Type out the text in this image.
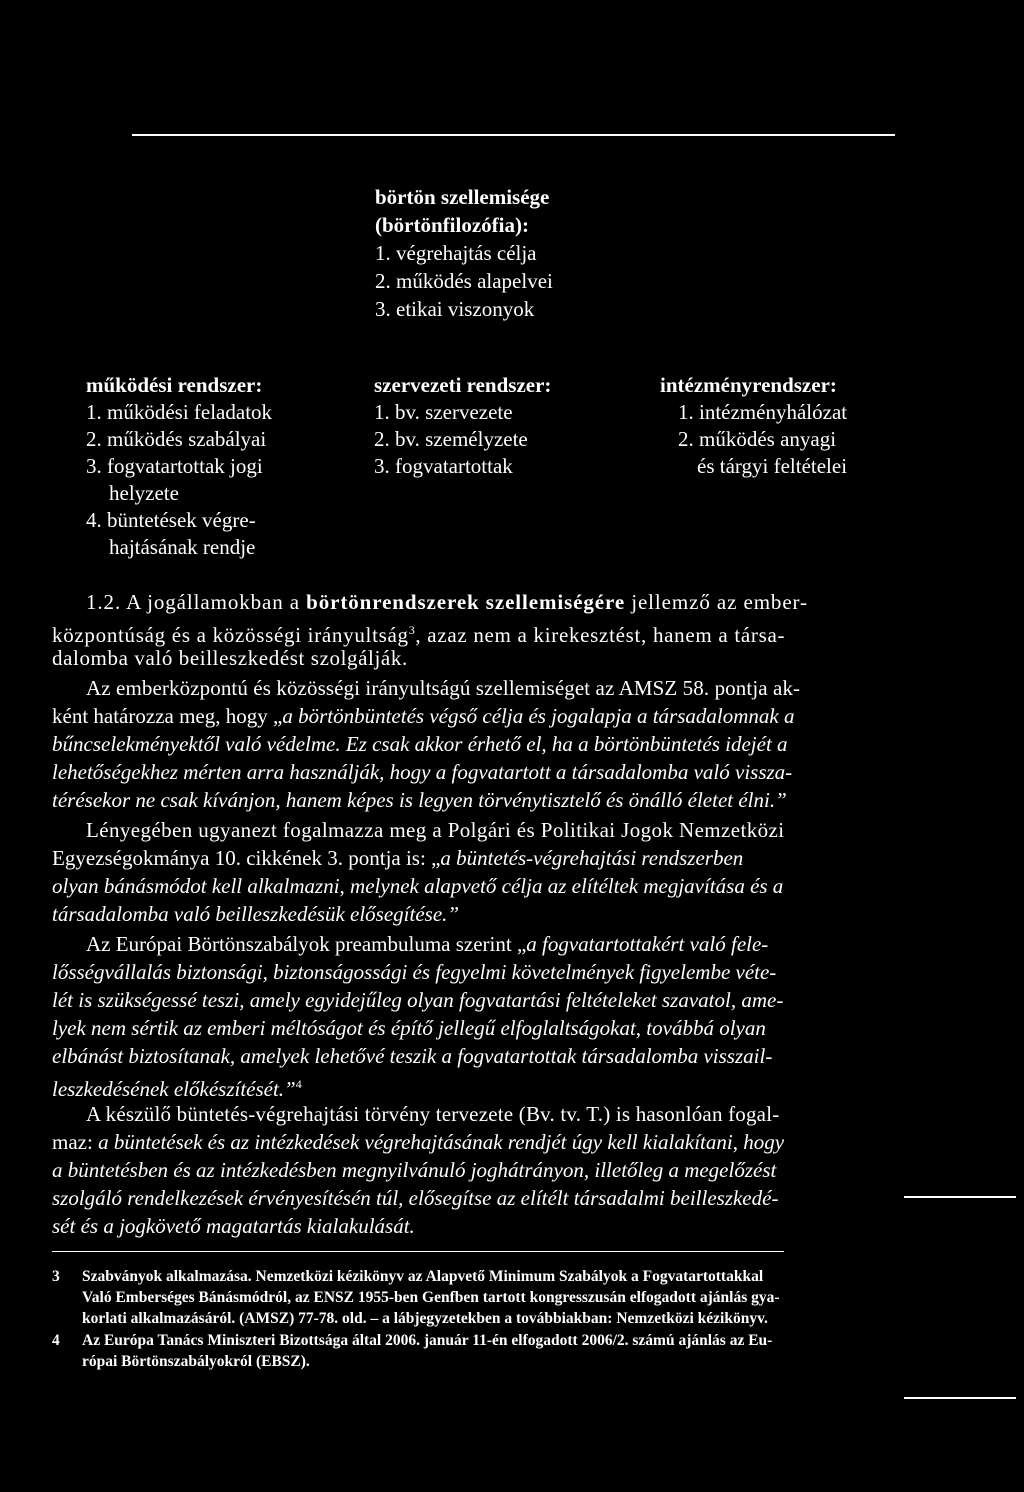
börtön szellemisége
(börtönfilozófia):
1. végrehajtás célja
2. működés alapelvei
3. etikai viszonyok
működési rendszer:
1. működési feladatok
2. működés szabályai
3. fogvatartottak jogi
helyzete
4. büntetések végre-
hajtásának rendje
szervezeti rendszer:
1. bv. szervezete
2. bv. személyzete
3. fogvatartottak
intézményrendszer:
1. intézményhálózat
2. működés anyagi
és tárgyi feltételei
1.2. A jogállamokban a börtönrendszerek szellemiségére jellemző az ember-
központúság és a közösségi irányultság$^3$, azaz nem a kirekesztést, hanem a társa-
dalomba való beilleszkedést szolgálják.
Az emberközpontú és közösségi irányultságú szellemiséget az AMSZ 58. pontja ak-
ként határozza meg, hogy „a börtönbüntetés végső célja és jogalapja a társadalomnak a
bűncselekményektől való védelme. Ez csak akkor érhető el, ha a börtönbüntetés idejét a
lehetőségekhez mérten arra használják, hogy a fogvatartott a társadalomba való vissza-
térésekor ne csak kívánjon, hanem képes is legyen törvénytisztelő és önálló életet élni.”
Lényegében ugyanezt fogalmazza meg a Polgári és Politikai Jogok Nemzetközi
Egyezségokmánya 10. cikkének 3. pontja is: „a büntetés-végrehajtási rendszerben
olyan bánásmódot kell alkalmazni, melynek alapvető célja az elítéltek megjavítása és a
társadalomba való beilleszkedésük elősegítése.”
Az Európai Börtönszabályok preambuluma szerint „a fogvatartottakért való fele-
lősségvállalás biztonsági, biztonságossági és fegyelmi követelmények figyelembe véte-
lét is szükségessé teszi, amely egyidejűleg olyan fogvatartási feltételeket szavatol, ame-
lyek nem sértik az emberi méltóságot és építő jellegű elfoglaltságokat, továbbá olyan
elbánást biztosítanak, amelyek lehetővé teszik a fogvatartottak társadalomba visszail-
leszkedésének előkészítését.”$^4$
A készülő büntetés-végrehajtási törvény tervezete (Bv. tv. T.) is hasonlóan fogal-
maz: a büntetések és az intézkedések végrehajtásának rendjét úgy kell kialakítani, hogy
a büntetésben és az intézkedésben megnyilvánuló joghátrányon, illetőleg a megelőzést
szolgáló rendelkezések érvényesítésén túl, elősegítse az elítélt társadalmi beilleszkedé-
sét és a jogkövető magatartás kialakulását.
3 Szabványok alkalmazása. Nemzetközi kézikönyv az Alapvető Minimum Szabályok a Fogvatartottakkal
Való Emberséges Bánásmódról, az ENSZ 1955-ben Genfben tartott kongresszusán elfogadott ajánlás gya-
korlati alkalmazásáról. (AMSZ) 77-78. old. – a lábjegyzetekben a továbbiakban: Nemzetközi kézikönyv.
4 Az Európa Tanács Miniszteri Bizottsága által 2006. január 11-én elfogadott 2006/2. számú ajánlás az Eu-
rópai Börtönszabályokról (EBSZ).
